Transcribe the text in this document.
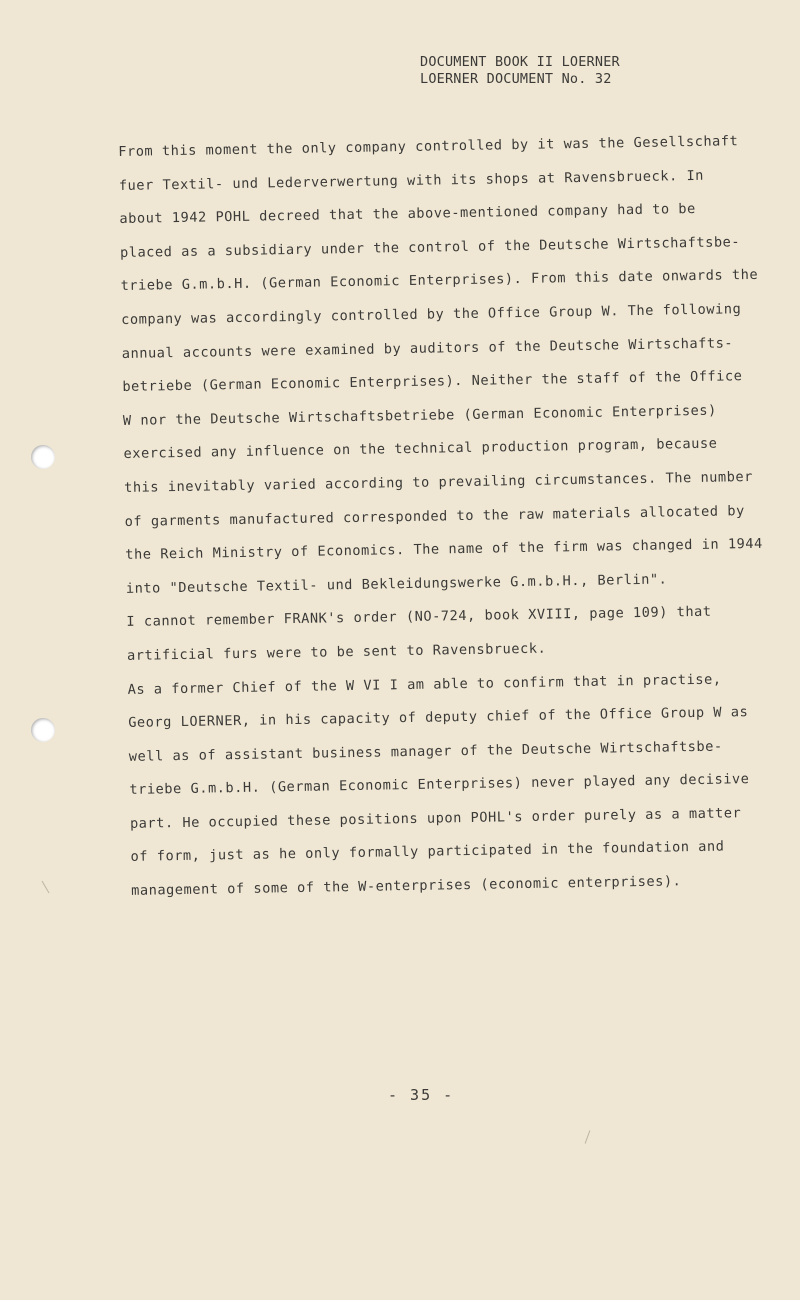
DOCUMENT BOOK II LOERNER
LOERNER DOCUMENT No. 32

From this moment the only company controlled by it was the Gesellschaft

fuer Textil- und Lederverwertung with its shops at Ravensbrueck. In

about 1942 POHL decreed that the above-mentioned company had to be

placed as a subsidiary under the control of the Deutsche Wirtschaftsbe-

triebe G.m.b.H. (German Economic Enterprises). From this date onwards the

company was accordingly controlled by the Office Group W. The following

annual accounts were examined by auditors of the Deutsche Wirtschafts-

betriebe (German Economic Enterprises). Neither the staff of the Office

W nor the Deutsche Wirtschaftsbetriebe (German Economic Enterprises)

exercised any influence on the technical production program, because

this inevitably varied according to prevailing circumstances. The number

of garments manufactured corresponded to the raw materials allocated by

the Reich Ministry of Economics. The name of the firm was changed in 1944

into "Deutsche Textil- und Bekleidungswerke G.m.b.H., Berlin".

I cannot remember FRANK's order (NO-724, book XVIII, page 109) that

artificial furs were to be sent to Ravensbrueck.

As a former Chief of the W VI I am able to confirm that in practise,

Georg LOERNER, in his capacity of deputy chief of the Office Group W as

well as of assistant business manager of the Deutsche Wirtschaftsbe-

triebe G.m.b.H. (German Economic Enterprises) never played any decisive

part. He occupied these positions upon POHL's order purely as a matter

of form, just as he only formally participated in the foundation and

management of some of the W-enterprises (economic enterprises).

- 35 -
